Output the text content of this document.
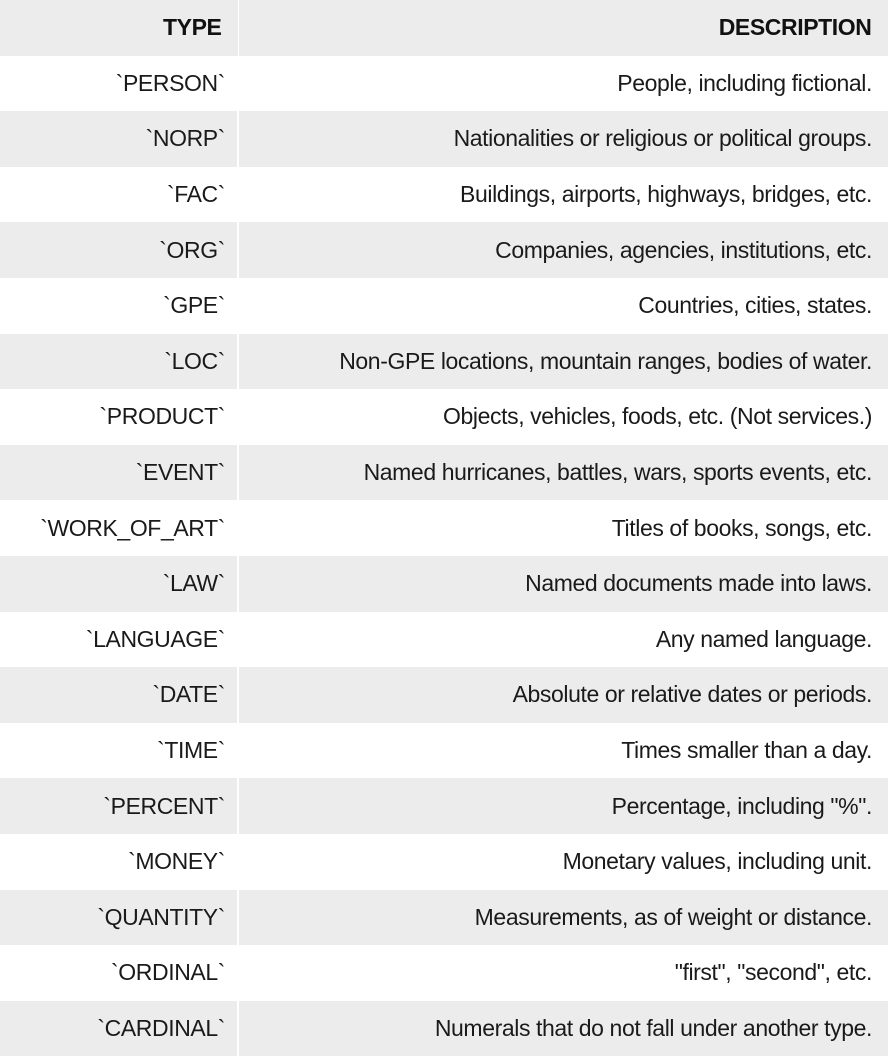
TYPE	DESCRIPTION
`PERSON`	People, including fictional.
`NORP`	Nationalities or religious or political groups.
`FAC`	Buildings, airports, highways, bridges, etc.
`ORG`	Companies, agencies, institutions, etc.
`GPE`	Countries, cities, states.
`LOC`	Non-GPE locations, mountain ranges, bodies of water.
`PRODUCT`	Objects, vehicles, foods, etc. (Not services.)
`EVENT`	Named hurricanes, battles, wars, sports events, etc.
`WORK_OF_ART`	Titles of books, songs, etc.
`LAW`	Named documents made into laws.
`LANGUAGE`	Any named language.
`DATE`	Absolute or relative dates or periods.
`TIME`	Times smaller than a day.
`PERCENT`	Percentage, including "%".
`MONEY`	Monetary values, including unit.
`QUANTITY`	Measurements, as of weight or distance.
`ORDINAL`	"first", "second", etc.
`CARDINAL`	Numerals that do not fall under another type.
